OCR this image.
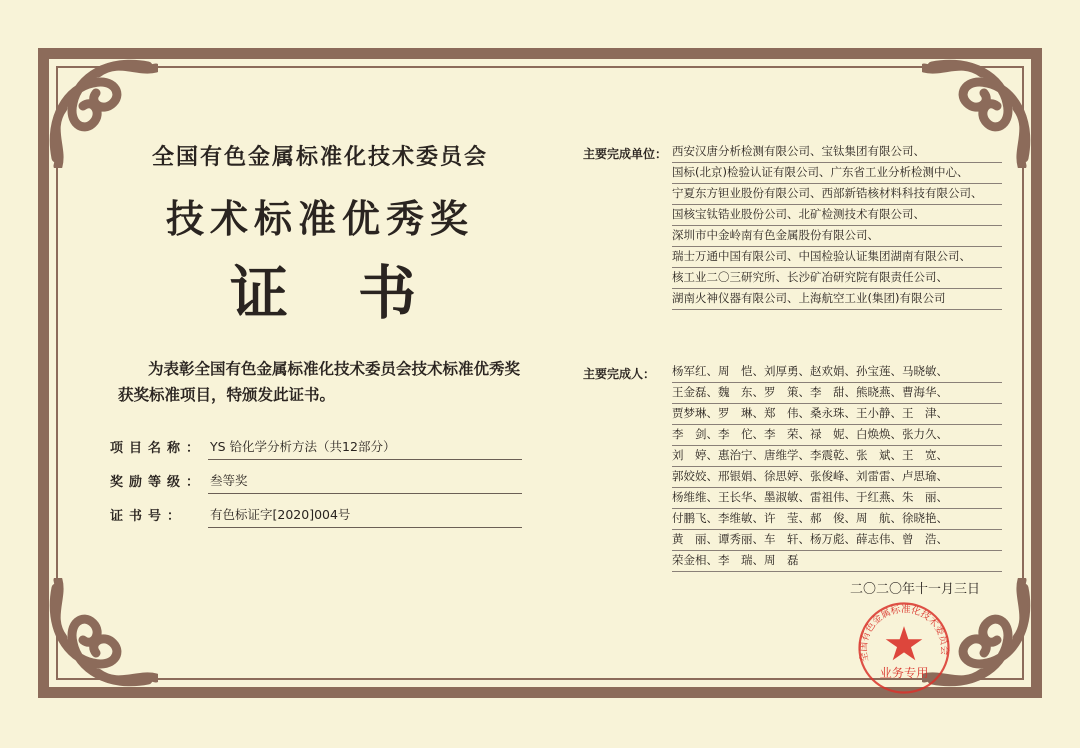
全国有色金属标准化技术委员会
技术标准优秀奖
证书
为表彰全国有色金属标准化技术委员会技术标准优秀奖获奖标准项目，特颁发此证书。
项目名称： YS 铪化学分析方法（共12部分）
奖励等级： 叁等奖
证书号：	有色标证字[2020]004号
主要完成单位： 西安汉唐分析检测有限公司、宝钛集团有限公司、
国标(北京)检验认证有限公司、广东省工业分析检测中心、
宁夏东方钽业股份有限公司、西部新锆核材料科技有限公司、
国核宝钛锆业股份公司、北矿检测技术有限公司、
深圳市中金岭南有色金属股份有限公司、
瑞士万通中国有限公司、中国检验认证集团湖南有限公司、
核工业二〇三研究所、长沙矿冶研究院有限责任公司、
湖南火神仪器有限公司、上海航空工业(集团)有限公司
主要完成人： 杨军红、周　恺、刘厚勇、赵欢娟、孙宝莲、马晓敏、
王金磊、魏　东、罗　策、李　甜、熊晓燕、曹海华、
贾梦琳、罗　琳、郑　伟、桑永珠、王小静、王　津、
李　剑、李　佗、李　荣、禄　妮、白焕焕、张力久、
刘　婷、惠治宁、唐维学、李震乾、张　斌、王　宽、
郭姣姣、邢银娟、徐思婷、张俊峰、刘雷雷、卢思瑜、
杨维维、王长华、墨淑敏、雷祖伟、于红燕、朱　丽、
付鹏飞、李维敏、许　莹、郝　俊、周　航、徐晓艳、
黄　丽、谭秀丽、车　轩、杨万彪、薛志伟、曾　浩、
荣金相、李　瑞、周　磊
二〇二〇年十一月三日
业务专用
全国有色金属标准化技术委员会
